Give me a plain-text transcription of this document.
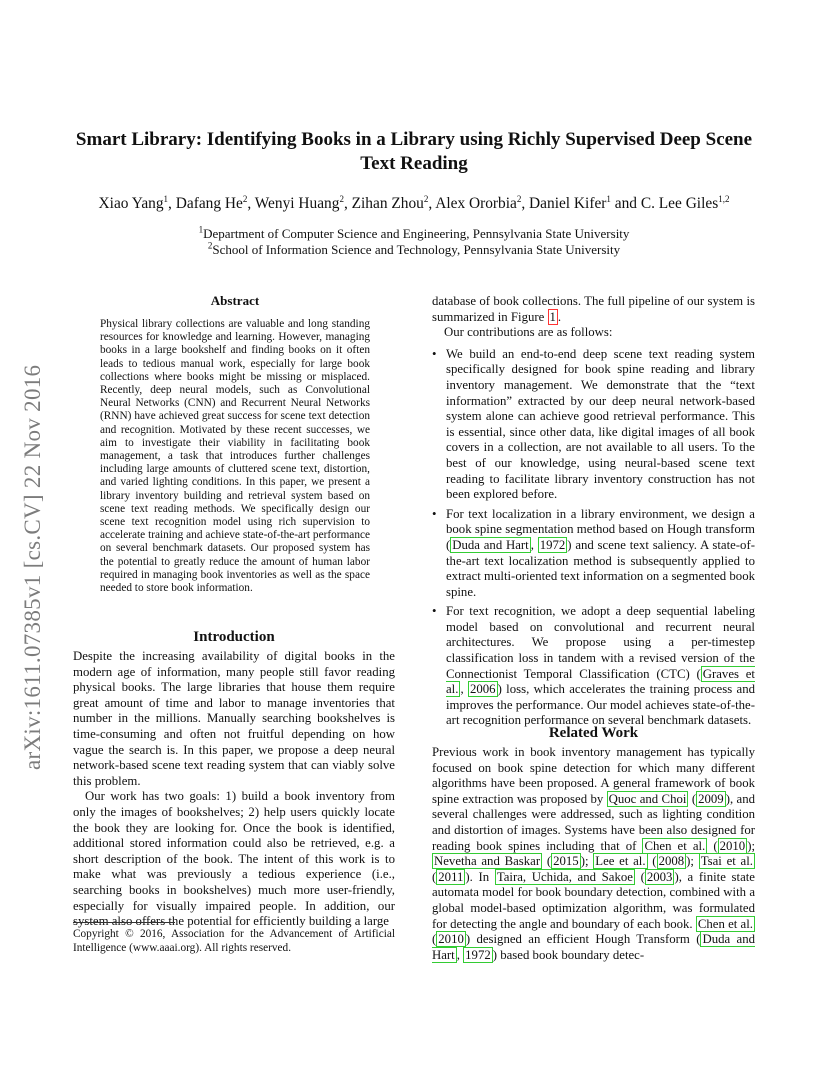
Smart Library: Identifying Books in a Library using Richly Supervised Deep Scene Text Reading
Xiao Yang$^1$, Dafang He$^2$, Wenyi Huang$^2$, Zihan Zhou$^2$, Alex Ororbia$^2$, Daniel Kifer$^1$ and C. Lee Giles$^{1,2}$
$^1$Department of Computer Science and Engineering, Pennsylvania State University
$^2$School of Information Science and Technology, Pennsylvania State University
arXiv:1611.07385v1 [cs.CV] 22 Nov 2016
Abstract
Physical library collections are valuable and long standing resources for knowledge and learning. However, managing books in a large bookshelf and finding books on it often leads to tedious manual work, especially for large book collections where books might be missing or misplaced. Recently, deep neural models, such as Convolutional Neural Networks (CNN) and Recurrent Neural Networks (RNN) have achieved great success for scene text detection and recognition. Motivated by these recent successes, we aim to investigate their viability in facilitating book management, a task that introduces further challenges including large amounts of cluttered scene text, distortion, and varied lighting conditions. In this paper, we present a library inventory building and retrieval system based on scene text reading methods. We specifically design our scene text recognition model using rich supervision to accelerate training and achieve state-of-the-art performance on several benchmark datasets. Our proposed system has the potential to greatly reduce the amount of human labor required in managing book inventories as well as the space needed to store book information.
Introduction

Despite the increasing availability of digital books in the modern age of information, many people still favor reading physical books. The large libraries that house them require great amount of time and labor to manage inventories that number in the millions. Manually searching bookshelves is time-consuming and often not fruitful depending on how vague the search is. In this paper, we propose a deep neural network-based scene text reading system that can viably solve this problem.

Our work has two goals: 1) build a book inventory from only the images of bookshelves; 2) help users quickly locate the book they are looking for. Once the book is identified, additional stored information could also be retrieved, e.g. a short description of the book. The intent of this work is to make what was previously a tedious experience (i.e., searching books in bookshelves) much more user-friendly, especially for visually impaired people. In addition, our system also offers the potential for efficiently building a large

Copyright © 2016, Association for the Advancement of Artificial Intelligence (www.aaai.org). All rights reserved.

database of book collections. The full pipeline of our system is summarized in Figure 1 .

Our contributions are as follows:

• We build an end-to-end deep scene text reading system specifically designed for book spine reading and library inventory management. We demonstrate that the “text information” extracted by our deep neural network-based system alone can achieve good retrieval performance. This is essential, since other data, like digital images of all book covers in a collection, are not available to all users. To the best of our knowledge, using neural-based scene text reading to facilitate library inventory construction has not been explored before.
• For text localization in a library environment, we design a book spine segmentation method based on Hough transform ( Duda and Hart , 1972 ) and scene text saliency. A state-of-the-art text localization method is subsequently applied to extract multi-oriented text information on a segmented book spine.
• For text recognition, we adopt a deep sequential labeling model based on convolutional and recurrent neural architectures. We propose using a per-timestep classification loss in tandem with a revised version of the Connectionist Temporal Classification (CTC) ( Graves et al. , 2006 ) loss, which accelerates the training process and improves the performance. Our model achieves state-of-the-art recognition performance on several benchmark datasets.
Related Work
Previous work in book inventory management has typically focused on book spine detection for which many different algorithms have been proposed. A general framework of book spine extraction was proposed by Quoc and Choi ( 2009 ), and several challenges were addressed, such as lighting condition and distortion of images. Systems have been also designed for reading book spines including that of Chen et al. ( 2010 ); Nevetha and Baskar ( 2015 ); Lee et al. ( 2008 ); Tsai et al. ( 2011 ). In Taira, Uchida, and Sakoe ( 2003 ), a finite state automata model for book boundary detection, combined with a global model-based optimization algorithm, was formulated for detecting the angle and boundary of each book. Chen et al. ( 2010 ) designed an efficient Hough Transform ( Duda and Hart , 1972 ) based book boundary detec-
